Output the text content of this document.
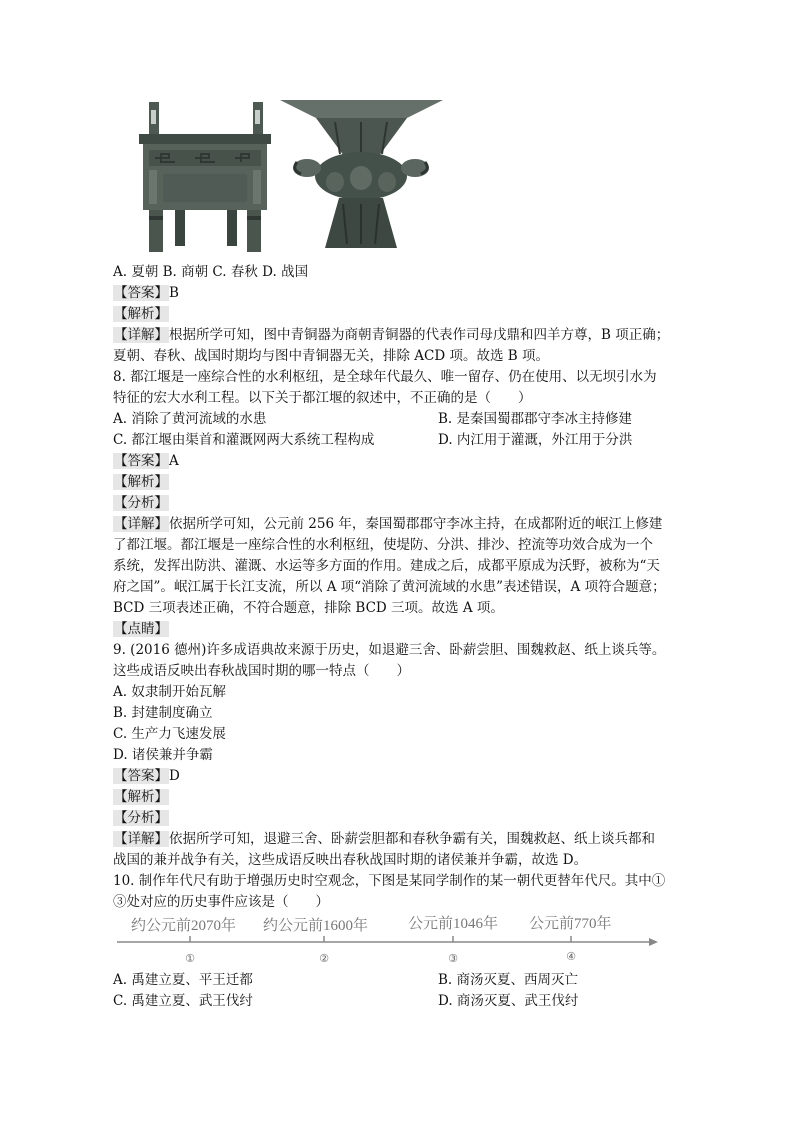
A. 夏朝 B. 商朝 C. 春秋 D. 战国
【答案】B
【解析】
【详解】根据所学可知，图中青铜器为商朝青铜器的代表作司母戊鼎和四羊方尊，B 项正确；
夏朝、春秋、战国时期均与图中青铜器无关，排除 ACD 项。故选 B 项。
8. 都江堰是一座综合性的水利枢纽，是全球年代最久、唯一留存、仍在使用、以无坝引水为
特征的宏大水利工程。以下关于都江堰的叙述中，不正确的是（　　）
A. 消除了黄河流域的水患	B. 是秦国蜀郡郡守李冰主持修建
C. 都江堰由渠首和灌溉网两大系统工程构成	D. 内江用于灌溉，外江用于分洪
【答案】A
【解析】
【分析】
【详解】依据所学可知，公元前 256 年，秦国蜀郡郡守李冰主持，在成都附近的岷江上修建
了都江堰。都江堰是一座综合性的水利枢纽，使堤防、分洪、排沙、控流等功效合成为一个
系统，发挥出防洪、灌溉、水运等多方面的作用。建成之后，成都平原成为沃野，被称为“天
府之国”。岷江属于长江支流，所以 A 项“消除了黄河流域的水患”表述错误，A 项符合题意；
BCD 三项表述正确，不符合题意，排除 BCD 三项。故选 A 项。
【点睛】
9. (2016 德州)许多成语典故来源于历史，如退避三舍、卧薪尝胆、围魏救赵、纸上谈兵等。
这些成语反映出春秋战国时期的哪一特点（　　）
A. 奴隶制开始瓦解
B. 封建制度确立
C. 生产力飞速发展
D. 诸侯兼并争霸
【答案】D
【解析】
【分析】
【详解】依据所学可知，退避三舍、卧薪尝胆都和春秋争霸有关，围魏救赵、纸上谈兵都和
战国的兼并战争有关，这些成语反映出春秋战国时期的诸侯兼并争霸，故选 D。
10. 制作年代尺有助于增强历史时空观念，下图是某同学制作的某一朝代更替年代尺。其中①
③处对应的历史事件应该是（　　）
约公元前2070年 约公元前1600年	公元前1046年 公元前770年
①	②	③	④
A. 禹建立夏、平王迁都	B. 商汤灭夏、西周灭亡
C. 禹建立夏、武王伐纣	D. 商汤灭夏、武王伐纣
